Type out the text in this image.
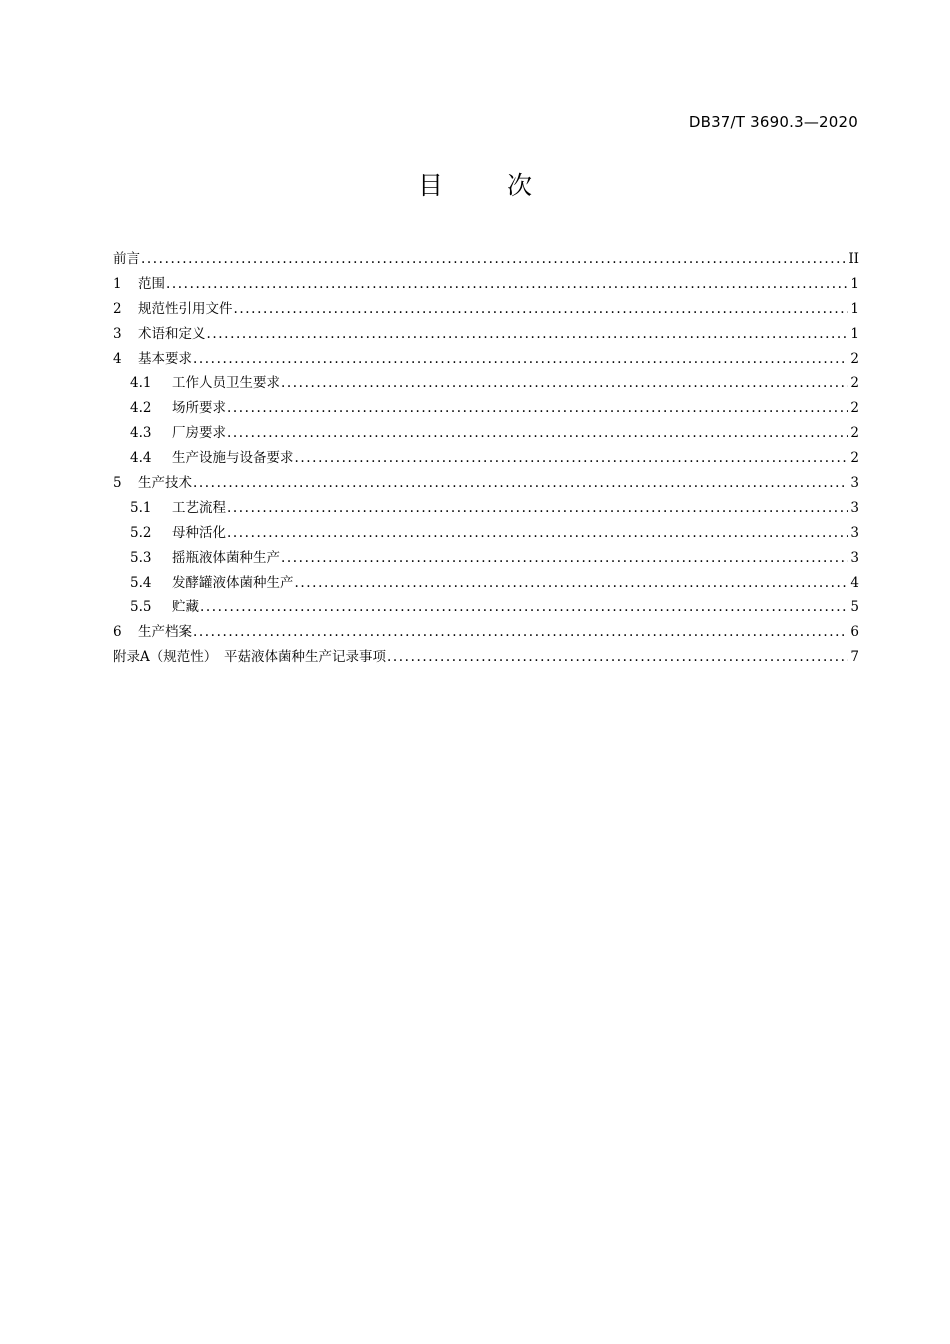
DB37/T 3690.3—2020
目 次
前言 .....	II
1	范围 .....	1
2	规范性引用文件 .....	1
3	术语和定义 .....	1
4	基本要求 .....	2
4.1	工作人员卫生要求 .....	2
4.2	场所要求 .....	2
4.3	厂房要求 .....	2
4.4	生产设施与设备要求 .....	2
5	生产技术 .....	3
5.1	工艺流程 .....	3
5.2	母种活化 .....	3
5.3	摇瓶液体菌种生产 .....	3
5.4	发酵罐液体菌种生产 .....	4
5.5	贮藏 .....	5
6	生产档案 .....	6
附录A（规范性）　平菇液体菌种生产记录事项 .....	7
